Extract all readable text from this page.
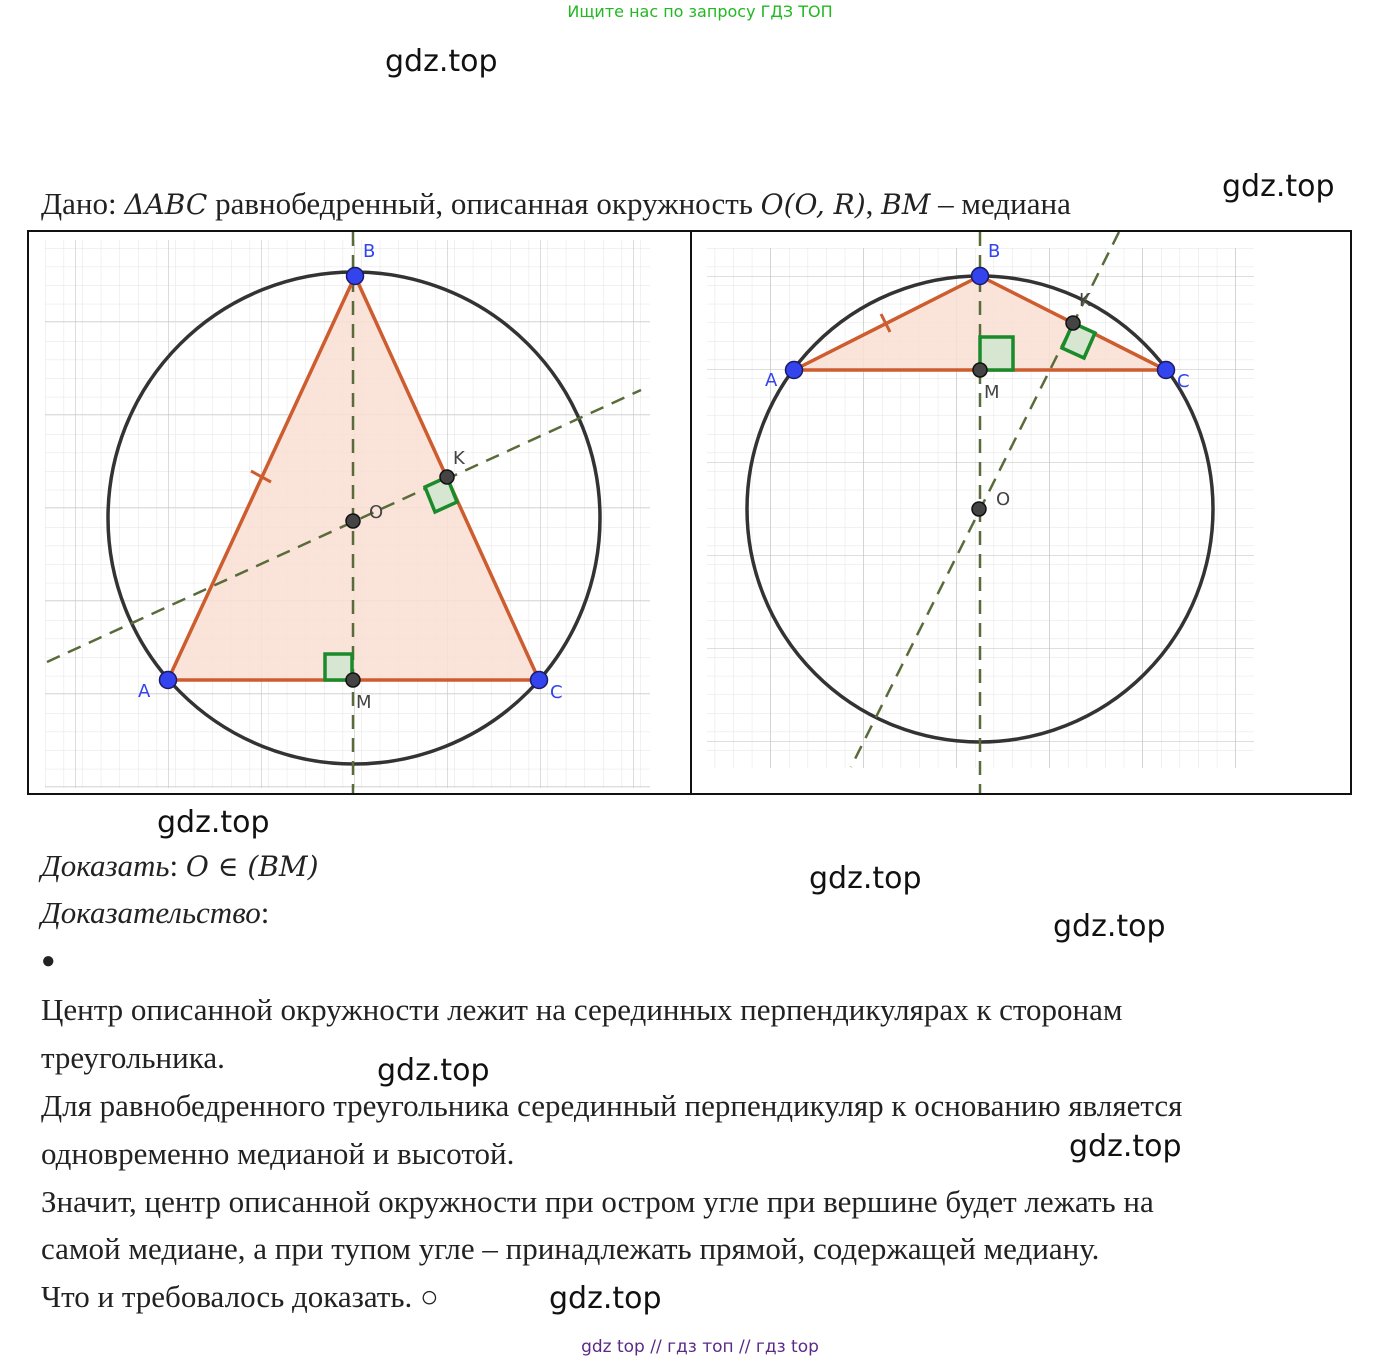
Ищите нас по запросу ГДЗ ТОП
gdz.top
gdz.top
gdz.top
gdz.top
gdz.top
gdz.top
gdz.top
gdz.top
Дано: ΔABC равнобедренный, описанная окружность O(O, R), BM – медиана
A
B
C
M
O
K
A
B
C
M
O
K
Доказать: O ∈ (BM)
Доказательство:
●
Центр описанной окружности лежит на серединных перпендикулярах к сторонам
треугольника.
Для равнобедренного треугольника серединный перпендикуляр к основанию является
одновременно медианой и высотой.
Значит, центр описанной окружности при остром угле при вершине будет лежать на
самой медиане, а при тупом угле – принадлежать прямой, содержащей медиану.
Что и требовалось доказать. ○
gdz top // гдз топ // гдз top
